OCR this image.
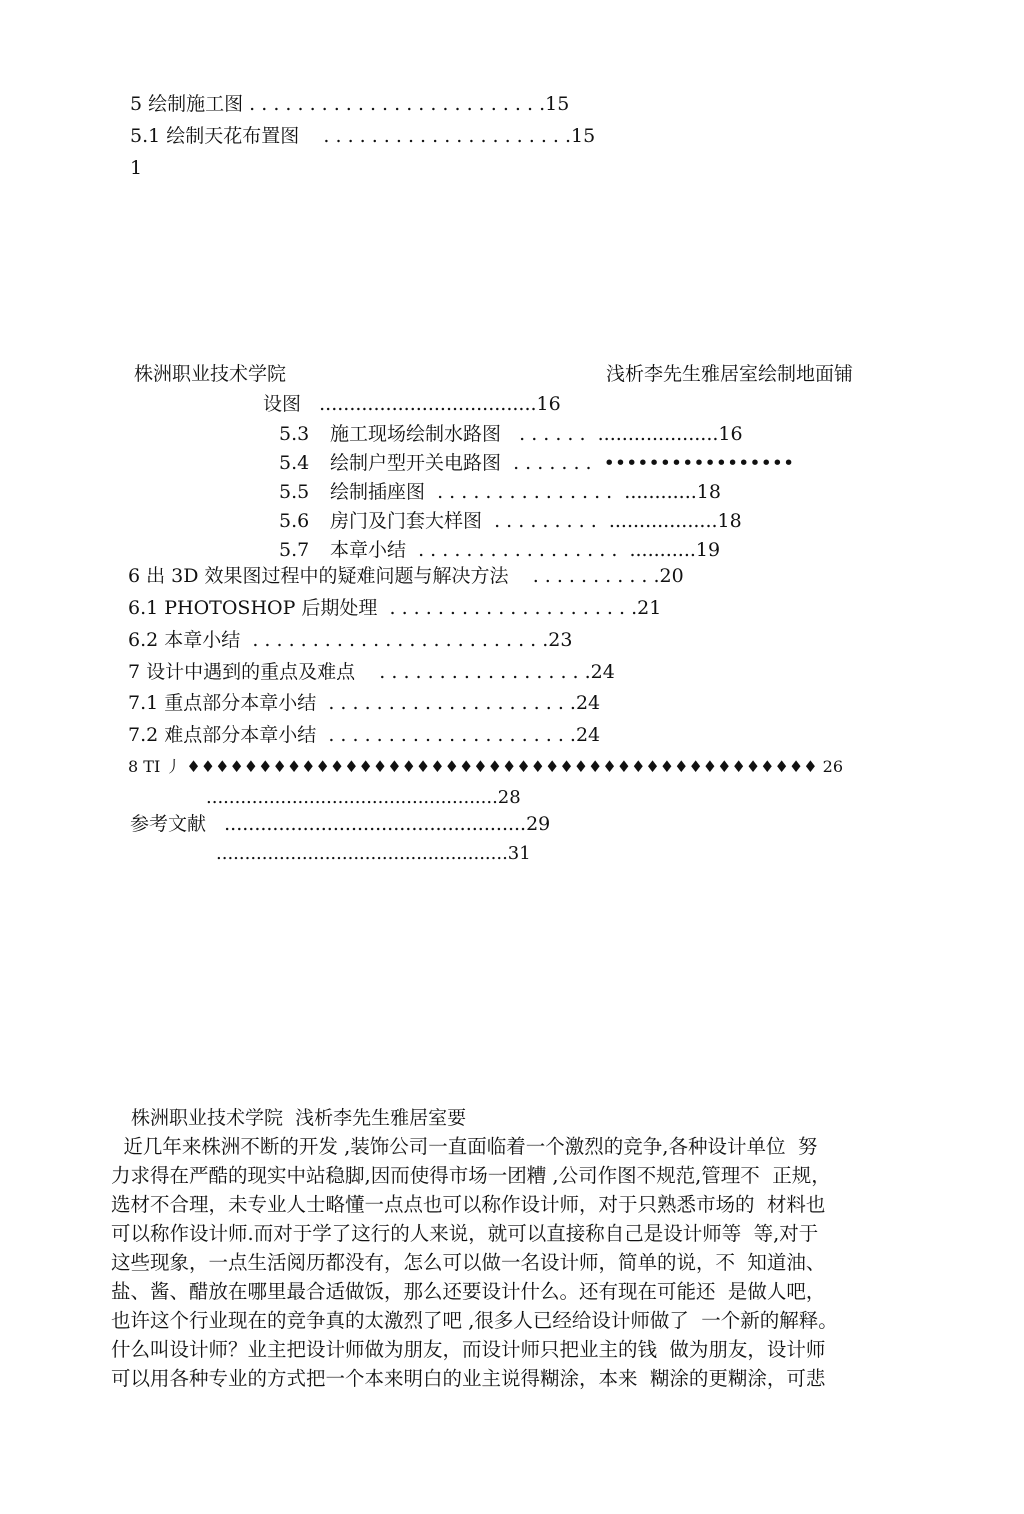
5 绘制施工图 . . . . . . . . . . . . . . . . . . . . . . . . .15
5.1 绘制天花布置图    . . . . . . . . . . . . . . . . . . . . .15
1
株洲职业技术学院	浅析李先生雅居室绘制地面铺
设图   ....................................16
5.3 施工现场绘制水路图   . . . . . .  ....................16
5.4 绘制户型开关电路图  . . . . . . .  •••••••••••••••••
5.5 绘制插座图  . . . . . . . . . . . . . . .  ............18
5.6 房门及门套大样图  . . . . . . . . .  ..................18
5.7 本章小结  . . . . . . . . . . . . . . . . .  ...........19
6 出 3D 效果图过程中的疑难问题与解决方法    . . . . . . . . . . .20
6.1 PHOTOSHOP 后期处理  . . . . . . . . . . . . . . . . . . . . .21
6.2 本章小结  . . . . . . . . . . . . . . . . . . . . . . . . .23
7 设计中遇到的重点及难点    . . . . . . . . . . . . . . . . . .24
7.1 重点部分本章小结  . . . . . . . . . . . . . . . . . . . . .24
7.2 难点部分本章小结  . . . . . . . . . . . . . . . . . . . . .24
8 TI 丿 ♦♦♦♦♦♦♦♦♦♦♦♦♦♦♦♦♦♦♦♦♦♦♦♦♦♦♦♦♦♦♦♦♦♦♦♦♦♦♦♦♦♦♦♦ 26
...................................................28
参考文献   ..................................................29
...................................................31
株洲职业技术学院  浅析李先生雅居室要
近几年来株洲不断的开发 ,装饰公司一直面临着一个激烈的竞争,各种设计单位  努
力求得在严酷的现实中站稳脚,因而使得市场一团糟 ,公司作图不规范,管理不  正规，
选材不合理，未专业人士略懂一点点也可以称作设计师，对于只熟悉市场的  材料也
可以称作设计师.而对于学了这行的人来说，就可以直接称自己是设计师等  等,对于
这些现象，一点生活阅历都没有，怎么可以做一名设计师，简单的说，不  知道油、
盐、酱、醋放在哪里最合适做饭，那么还要设计什么。还有现在可能还  是做人吧，
也许这个行业现在的竞争真的太激烈了吧 ,很多人已经给设计师做了  一个新的解释。
什么叫设计师？业主把设计师做为朋友，而设计师只把业主的钱  做为朋友，设计师
可以用各种专业的方式把一个本来明白的业主说得糊涂，本来  糊涂的更糊涂，可悲
